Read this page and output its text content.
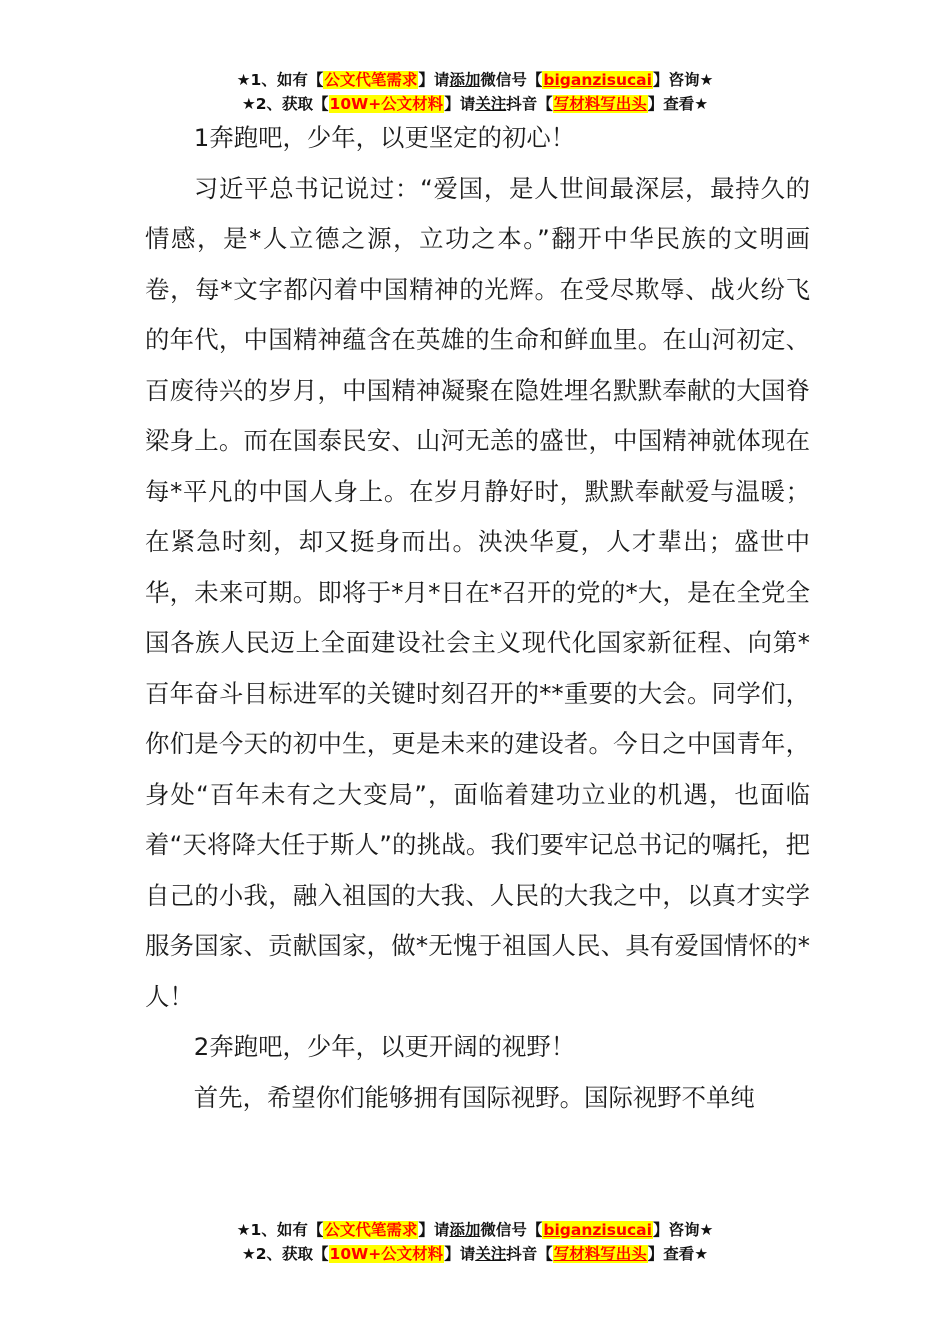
★1、如有【公文代笔需求】请添加微信号【biganzisucai】咨询★
★2、获取【10W+公文材料】请关注抖音【写材料写出头】查看★

1奔跑吧，少年，以更坚定的初心！

习近平总书记说过：“爱国，是人世间最深层，最持久的情感，是*人立德之源，立功之本。”翻开中华民族的文明画卷，每*文字都闪着中国精神的光辉。在受尽欺辱、战火纷飞的年代，中国精神蕴含在英雄的生命和鲜血里。在山河初定、百废待兴的岁月，中国精神凝聚在隐姓埋名默默奉献的大国脊梁身上。而在国泰民安、山河无恙的盛世，中国精神就体现在每*平凡的中国人身上。在岁月静好时，默默奉献爱与温暖；在紧急时刻，却又挺身而出。泱泱华夏，人才辈出；盛世中华，未来可期。即将于*月*日在*召开的党的*大，是在全党全国各族人民迈上全面建设社会主义现代化国家新征程、向第*百年奋斗目标进军的关键时刻召开的**重要的大会。同学们，你们是今天的初中生，更是未来的建设者。今日之中国青年，身处“百年未有之大变局”，面临着建功立业的机遇，也面临着“天将降大任于斯人”的挑战。我们要牢记总书记的嘱托，把自己的小我，融入祖国的大我、人民的大我之中，以真才实学服务国家、贡献国家，做*无愧于祖国人民、具有爱国情怀的*人！

2奔跑吧，少年，以更开阔的视野！

首先，希望你们能够拥有国际视野。国际视野不单纯

★1、如有【公文代笔需求】请添加微信号【biganzisucai】咨询★
★2、获取【10W+公文材料】请关注抖音【写材料写出头】查看★
